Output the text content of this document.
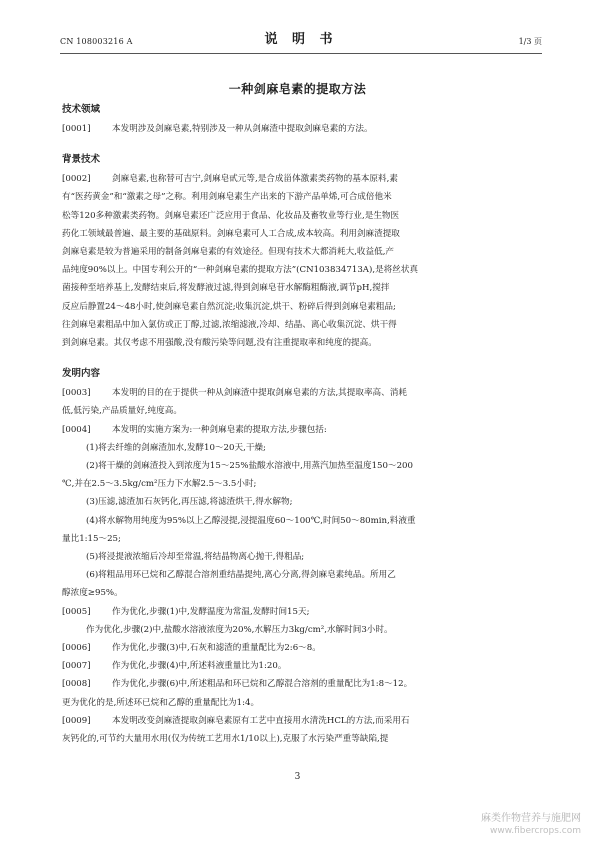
CN 108003216 A	说 明 书	1/3 页
一种剑麻皂素的提取方法
技术领域

[0001] 本发明涉及剑麻皂素,特别涉及一种从剑麻渣中提取剑麻皂素的方法。

背景技术

[0002] 剑麻皂素,也称替可吉宁,剑麻皂甙元等,是合成甾体激素类药物的基本原料,素

有“医药黄金”和“激素之母”之称。利用剑麻皂素生产出来的下游产品单烯,可合成倍他米

松等120多种激素类药物。剑麻皂素还广泛应用于食品、化妆品及畜牧业等行业,是生物医

药化工领域最普遍、最主要的基础原料。剑麻皂素可人工合成,成本较高。利用剑麻渣提取

剑麻皂素是较为普遍采用的制备剑麻皂素的有效途径。但现有技术大都消耗大,收益低,产

品纯度90%以上。中国专利公开的“一种剑麻皂素的提取方法”(CN103834713A),是将丝状真

菌接种至培养基上,发酵结束后,将发酵液过滤,得到剑麻皂苷水解酶粗酶液,调节pH,搅拌

反应后静置24～48小时,使剑麻皂素自然沉淀;收集沉淀,烘干、粉碎后得到剑麻皂素粗品;

往剑麻皂素粗品中加入氯仿或正丁醇,过滤,浓缩滤液,冷却、结晶、离心收集沉淀、烘干得

到剑麻皂素。其仅考虑不用强酸,没有酸污染等问题,没有注重提取率和纯度的提高。

发明内容

[0003] 本发明的目的在于提供一种从剑麻渣中提取剑麻皂素的方法,其提取率高、消耗

低,低污染,产品质量好,纯度高。

[0004] 本发明的实施方案为:一种剑麻皂素的提取方法,步骤包括:

(1)将去纤维的剑麻渣加水,发酵10～20天,干燥;

(2)将干燥的剑麻渣投入到浓度为15～25%盐酸水溶液中,用蒸汽加热至温度150～200

℃,并在2.5～3.5kg/cm²压力下水解2.5～3.5小时;

(3)压滤,滤渣加石灰钙化,再压滤,将滤渣烘干,得水解物;

(4)将水解物用纯度为95%以上乙醇浸提,浸提温度60～100℃,时间50～80min,料液重

量比1:15～25;

(5)将浸提液浓缩后冷却至常温,将结晶物离心抛干,得粗品;

(6)将粗品用环已烷和乙醇混合溶剂重结晶提纯,离心分离,得剑麻皂素纯品。所用乙

醇浓度≥95%。

[0005] 作为优化,步骤(1)中,发酵温度为常温,发酵时间15天;

作为优化,步骤(2)中,盐酸水溶液浓度为20%,水解压力3kg/cm²,水解时间3小时。

[0006] 作为优化,步骤(3)中,石灰和滤渣的重量配比为2:6～8。

[0007] 作为优化,步骤(4)中,所述料液重量比为1:20。

[0008] 作为优化,步骤(6)中,所述粗品和环已烷和乙醇混合溶剂的重量配比为1:8～12。

更为优化的是,所述环已烷和乙醇的重量配比为1:4。

[0009] 本发明改变剑麻渣提取剑麻皂素原有工艺中直接用水清洗HCL的方法,而采用石

灰钙化的,可节约大量用水用(仅为传统工艺用水1/10以上),克服了水污染严重等缺陷,提

3
麻类作物营养与施肥网
www.fibercrops.com
